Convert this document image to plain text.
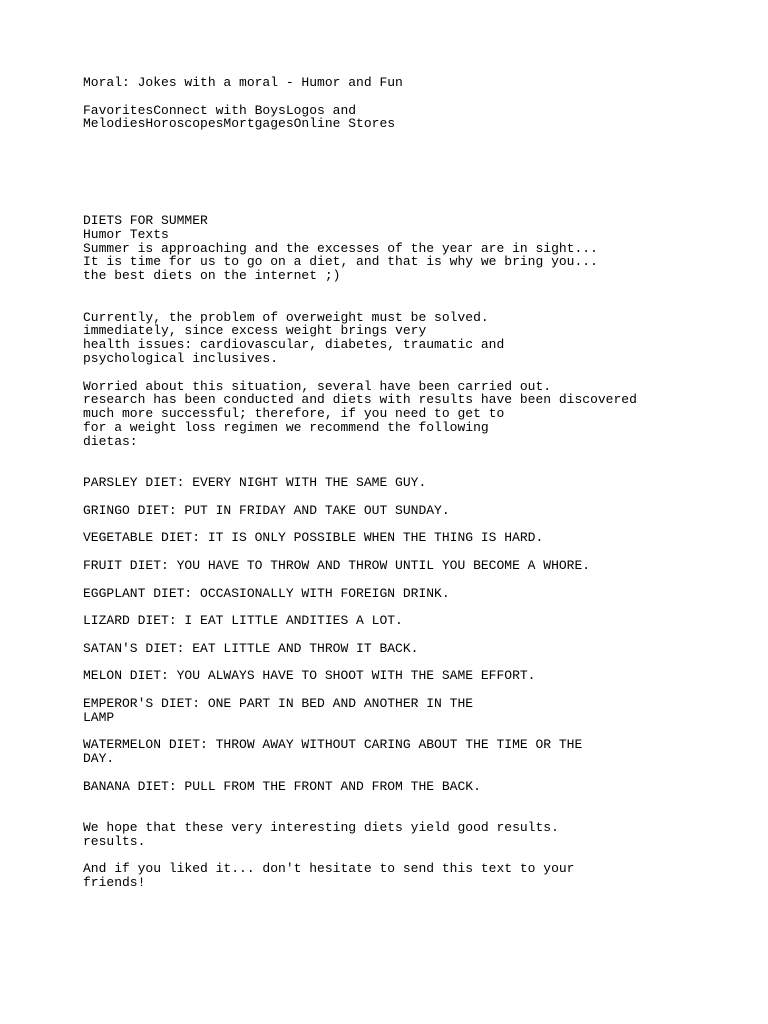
Moral: Jokes with a moral - Humor and Fun
FavoritesConnect with BoysLogos and
MelodiesHoroscopesMortgagesOnline Stores
DIETS FOR SUMMER
Humor Texts
Summer is approaching and the excesses of the year are in sight...
It is time for us to go on a diet, and that is why we bring you...
the best diets on the internet ;)
Currently, the problem of overweight must be solved.
immediately, since excess weight brings very
health issues: cardiovascular, diabetes, traumatic and
psychological inclusives.
Worried about this situation, several have been carried out.
research has been conducted and diets with results have been discovered
much more successful; therefore, if you need to get to
for a weight loss regimen we recommend the following
dietas:
PARSLEY DIET: EVERY NIGHT WITH THE SAME GUY.
GRINGO DIET: PUT IN FRIDAY AND TAKE OUT SUNDAY.
VEGETABLE DIET: IT IS ONLY POSSIBLE WHEN THE THING IS HARD.
FRUIT DIET: YOU HAVE TO THROW AND THROW UNTIL YOU BECOME A WHORE.
EGGPLANT DIET: OCCASIONALLY WITH FOREIGN DRINK.
LIZARD DIET: I EAT LITTLE ANDITIES A LOT.
SATAN'S DIET: EAT LITTLE AND THROW IT BACK.
MELON DIET: YOU ALWAYS HAVE TO SHOOT WITH THE SAME EFFORT.
EMPEROR'S DIET: ONE PART IN BED AND ANOTHER IN THE
LAMP
WATERMELON DIET: THROW AWAY WITHOUT CARING ABOUT THE TIME OR THE
DAY.
BANANA DIET: PULL FROM THE FRONT AND FROM THE BACK.
We hope that these very interesting diets yield good results.
results.
And if you liked it... don't hesitate to send this text to your
friends!
